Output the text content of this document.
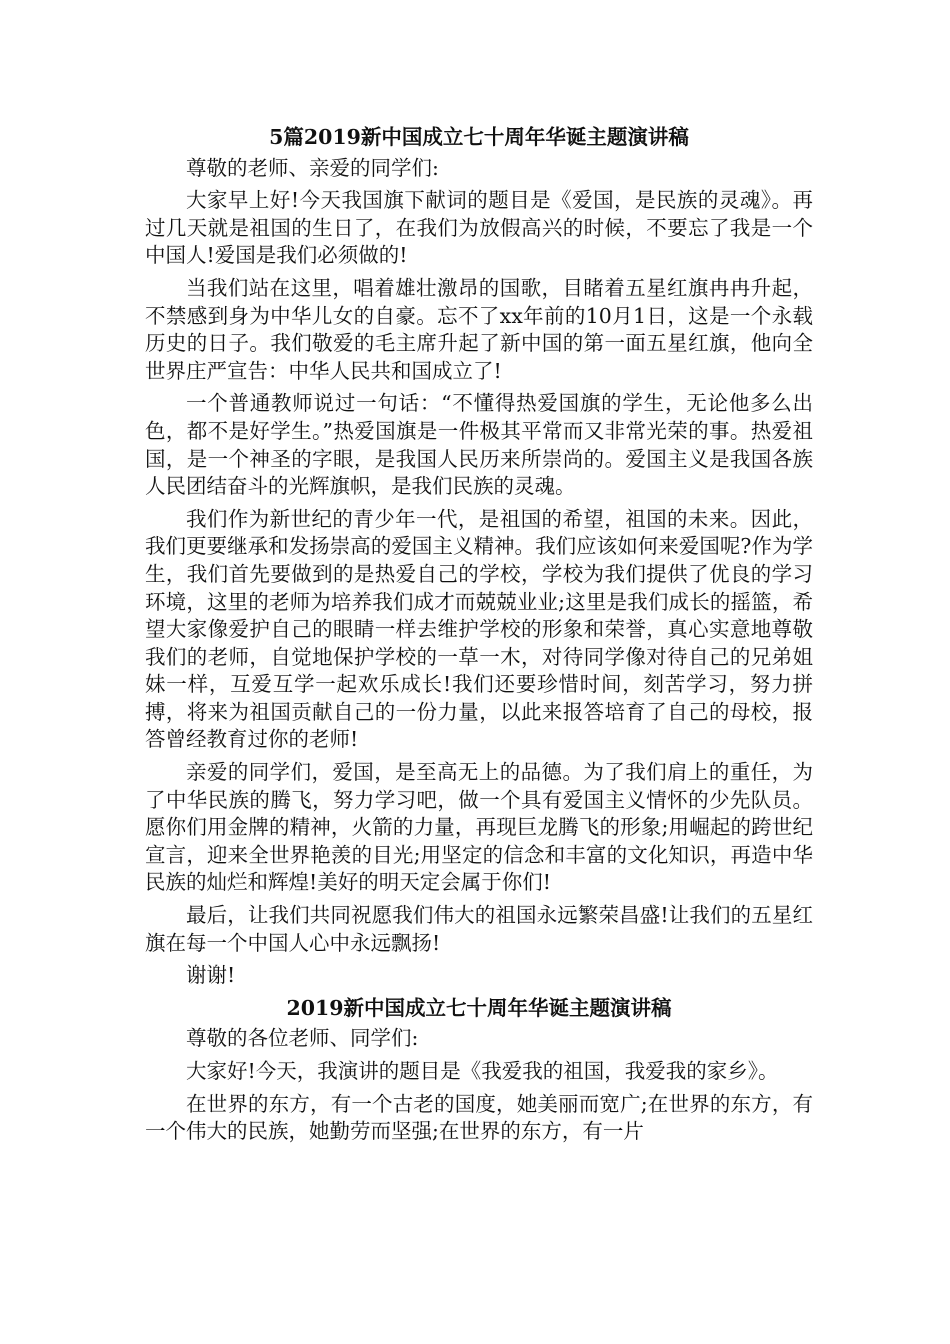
5篇2019新中国成立七十周年华诞主题演讲稿

尊敬的老师、亲爱的同学们:

大家早上好!今天我国旗下献词的题目是《爱国，是民族的灵魂》。再过几天就是祖国的生日了，在我们为放假高兴的时候，不要忘了我是一个中国人!爱国是我们必须做的!

当我们站在这里，唱着雄壮激昂的国歌，目睹着五星红旗冉冉升起，不禁感到身为中华儿女的自豪。忘不了xx年前的10月1日，这是一个永载历史的日子。我们敬爱的毛主席升起了新中国的第一面五星红旗，他向全世界庄严宣告：中华人民共和国成立了!

一个普通教师说过一句话：“不懂得热爱国旗的学生，无论他多么出色，都不是好学生。”热爱国旗是一件极其平常而又非常光荣的事。热爱祖国，是一个神圣的字眼，是我国人民历来所崇尚的。爱国主义是我国各族人民团结奋斗的光辉旗帜，是我们民族的灵魂。

我们作为新世纪的青少年一代，是祖国的希望，祖国的未来。因此，我们更要继承和发扬崇高的爱国主义精神。我们应该如何来爱国呢?作为学生，我们首先要做到的是热爱自己的学校，学校为我们提供了优良的学习环境，这里的老师为培养我们成才而兢兢业业;这里是我们成长的摇篮，希望大家像爱护自己的眼睛一样去维护学校的形象和荣誉，真心实意地尊敬我们的老师，自觉地保护学校的一草一木，对待同学像对待自己的兄弟姐妹一样，互爱互学一起欢乐成长!我们还要珍惜时间，刻苦学习，努力拼搏，将来为祖国贡献自己的一份力量，以此来报答培育了自己的母校，报答曾经教育过你的老师!

亲爱的同学们，爱国，是至高无上的品德。为了我们肩上的重任，为了中华民族的腾飞，努力学习吧，做一个具有爱国主义情怀的少先队员。愿你们用金牌的精神，火箭的力量，再现巨龙腾飞的形象;用崛起的跨世纪宣言，迎来全世界艳羡的目光;用坚定的信念和丰富的文化知识，再造中华民族的灿烂和辉煌!美好的明天定会属于你们!

最后，让我们共同祝愿我们伟大的祖国永远繁荣昌盛!让我们的五星红旗在每一个中国人心中永远飘扬!

谢谢!

2019新中国成立七十周年华诞主题演讲稿

尊敬的各位老师、同学们:

大家好!今天，我演讲的题目是《我爱我的祖国，我爱我的家乡》。

在世界的东方，有一个古老的国度，她美丽而宽广;在世界的东方，有一个伟大的民族，她勤劳而坚强;在世界的东方，有一片
